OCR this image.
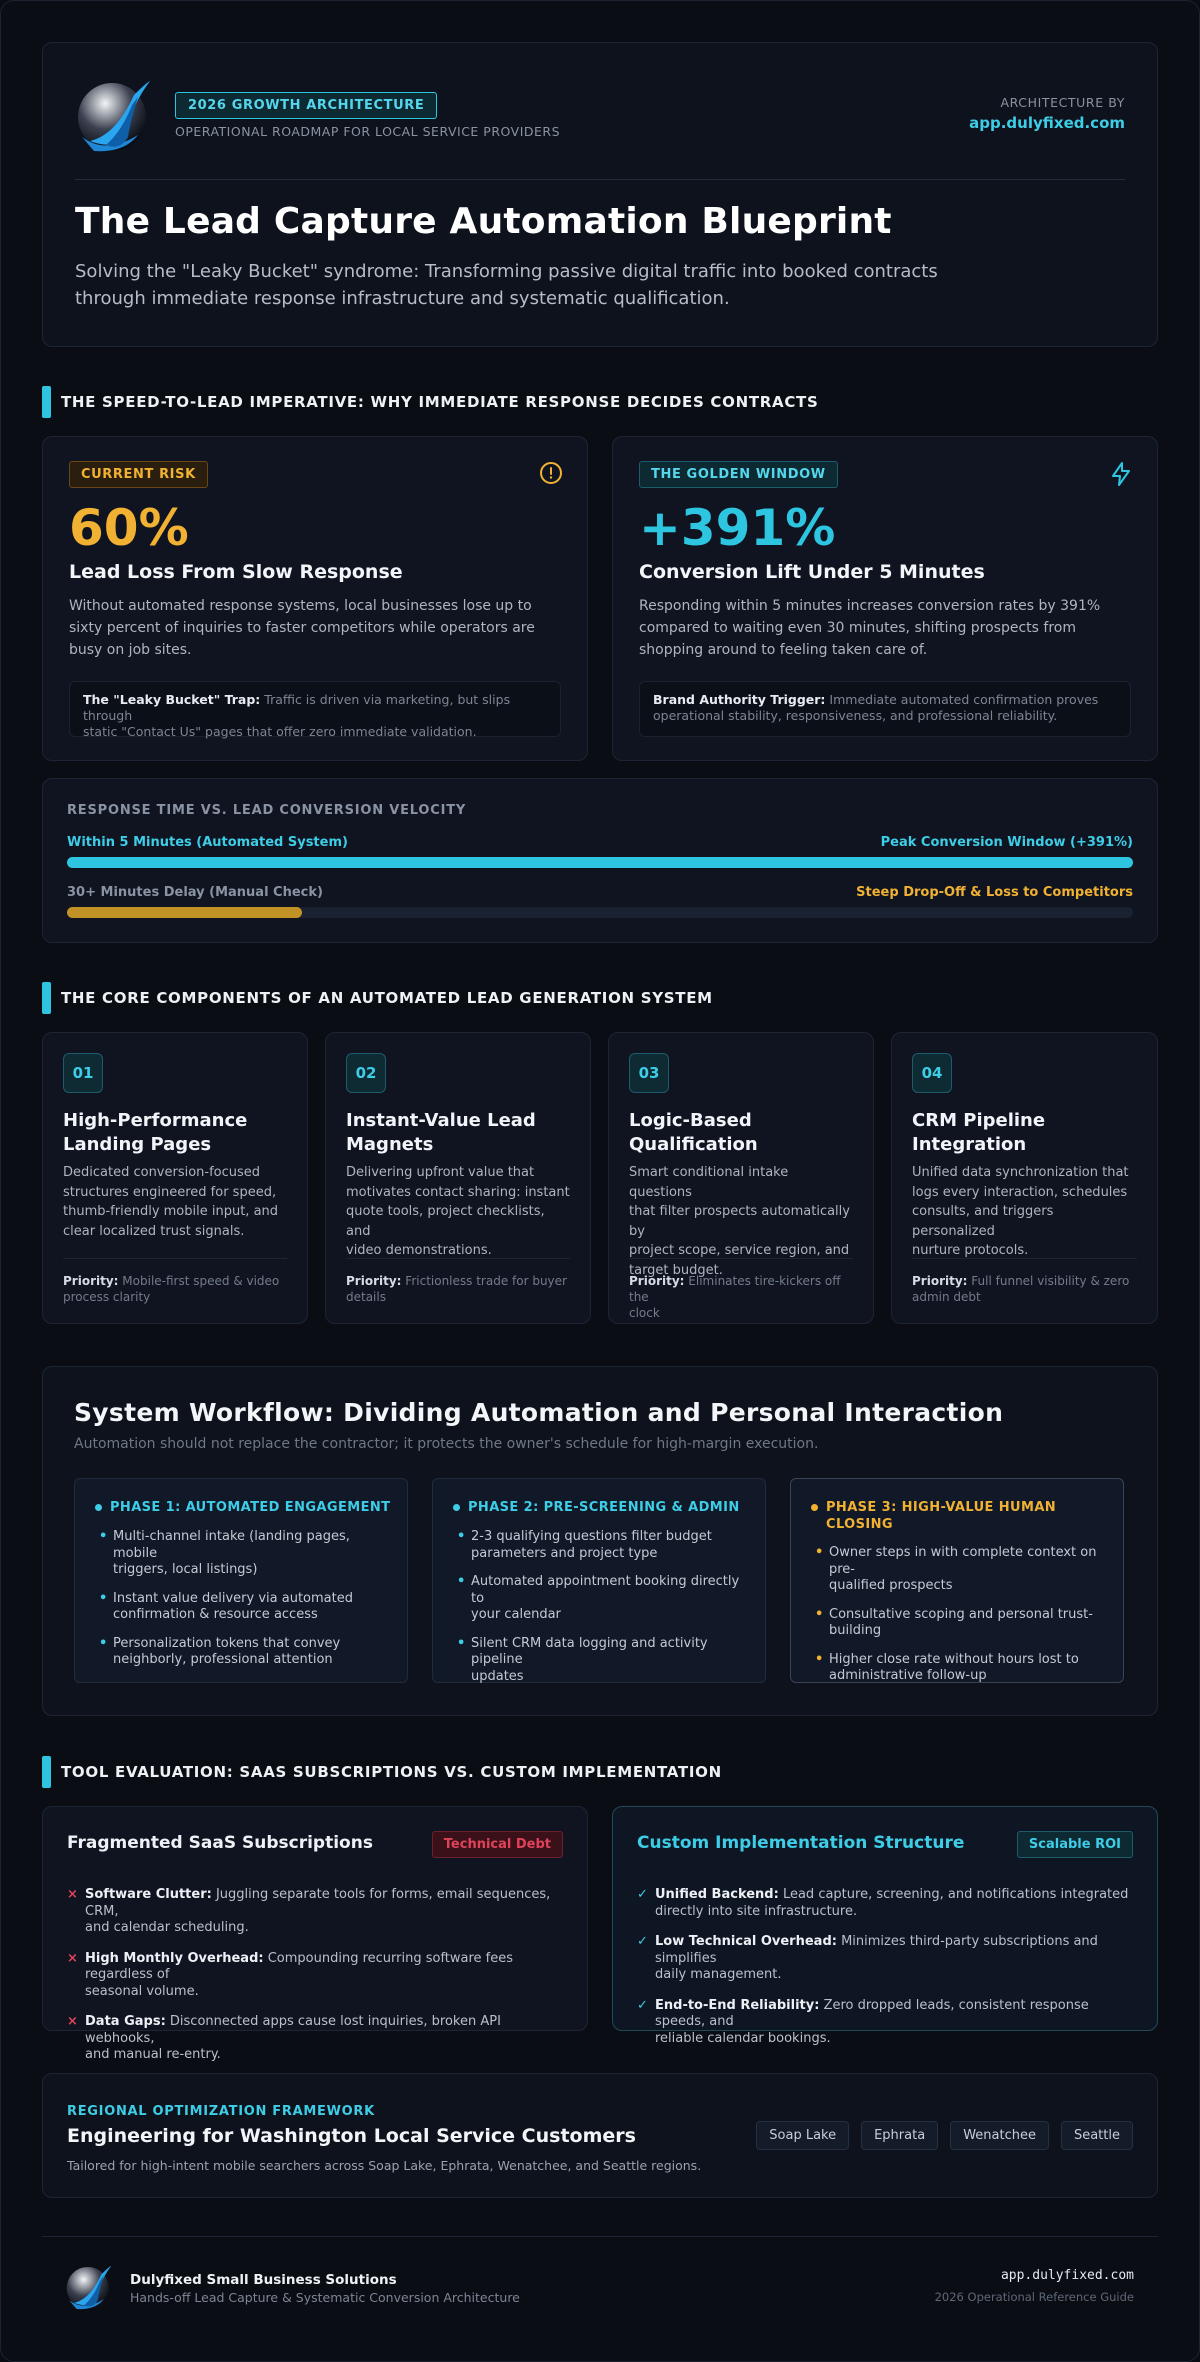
2026 GROWTH ARCHITECTURE
OPERATIONAL ROADMAP FOR LOCAL SERVICE PROVIDERS
ARCHITECTURE BY
app.dulyfixed.com
The Lead Capture Automation Blueprint
Solving the "Leaky Bucket" syndrome: Transforming passive digital traffic into booked contracts
through immediate response infrastructure and systematic qualification.
THE SPEED-TO-LEAD IMPERATIVE: WHY IMMEDIATE RESPONSE DECIDES CONTRACTS
CURRENT RISK
60%
Lead Loss From Slow Response
Without automated response systems, local businesses lose up to
sixty percent of inquiries to faster competitors while operators are
busy on job sites.
The "Leaky Bucket" Trap: Traffic is driven via marketing, but slips through
static "Contact Us" pages that offer zero immediate validation.
THE GOLDEN WINDOW
+391%
Conversion Lift Under 5 Minutes
Responding within 5 minutes increases conversion rates by 391%
compared to waiting even 30 minutes, shifting prospects from
shopping around to feeling taken care of.
Brand Authority Trigger: Immediate automated confirmation proves
operational stability, responsiveness, and professional reliability.
RESPONSE TIME VS. LEAD CONVERSION VELOCITY
Within 5 Minutes (Automated System)	Peak Conversion Window (+391%)
30+ Minutes Delay (Manual Check)	Steep Drop-Off & Loss to Competitors
THE CORE COMPONENTS OF AN AUTOMATED LEAD GENERATION SYSTEM
01
High-Performance
Landing Pages
Dedicated conversion-focused
structures engineered for speed,
thumb-friendly mobile input, and
clear localized trust signals.
Priority: Mobile-first speed & video
process clarity
02
Instant-Value Lead
Magnets
Delivering upfront value that
motivates contact sharing: instant
quote tools, project checklists, and
video demonstrations.
Priority: Frictionless trade for buyer
details
03
Logic-Based
Qualification
Smart conditional intake questions
that filter prospects automatically by
project scope, service region, and
target budget.
Priority: Eliminates tire-kickers off the
clock
04
CRM Pipeline
Integration
Unified data synchronization that
logs every interaction, schedules
consults, and triggers personalized
nurture protocols.
Priority: Full funnel visibility & zero
admin debt
System Workflow: Dividing Automation and Personal Interaction
Automation should not replace the contractor; it protects the owner's schedule for high-margin execution.
PHASE 1: AUTOMATED ENGAGEMENT
• Multi-channel intake (landing pages, mobile
triggers, local listings)
• Instant value delivery via automated
confirmation & resource access
• Personalization tokens that convey
neighborly, professional attention
PHASE 2: PRE-SCREENING & ADMIN
• 2-3 qualifying questions filter budget
parameters and project type
• Automated appointment booking directly to
your calendar
• Silent CRM data logging and activity pipeline
updates
PHASE 3: HIGH-VALUE HUMAN
CLOSING
• Owner steps in with complete context on pre-
qualified prospects
• Consultative scoping and personal trust-
building
• Higher close rate without hours lost to
administrative follow-up
TOOL EVALUATION: SAAS SUBSCRIPTIONS VS. CUSTOM IMPLEMENTATION
Fragmented SaaS Subscriptions	Technical Debt
× Software Clutter: Juggling separate tools for forms, email sequences, CRM,
and calendar scheduling.
× High Monthly Overhead: Compounding recurring software fees regardless of
seasonal volume.
× Data Gaps: Disconnected apps cause lost inquiries, broken API webhooks,
and manual re-entry.
Custom Implementation Structure	Scalable ROI
✓ Unified Backend: Lead capture, screening, and notifications integrated
directly into site infrastructure.
✓ Low Technical Overhead: Minimizes third-party subscriptions and simplifies
daily management.
✓ End-to-End Reliability: Zero dropped leads, consistent response speeds, and
reliable calendar bookings.
REGIONAL OPTIMIZATION FRAMEWORK
Engineering for Washington Local Service Customers
Tailored for high-intent mobile searchers across Soap Lake, Ephrata, Wenatchee, and Seattle regions.
Soap Lake	Ephrata	Wenatchee	Seattle
Dulyfixed Small Business Solutions
Hands-off Lead Capture & Systematic Conversion Architecture
app.dulyfixed.com
2026 Operational Reference Guide
